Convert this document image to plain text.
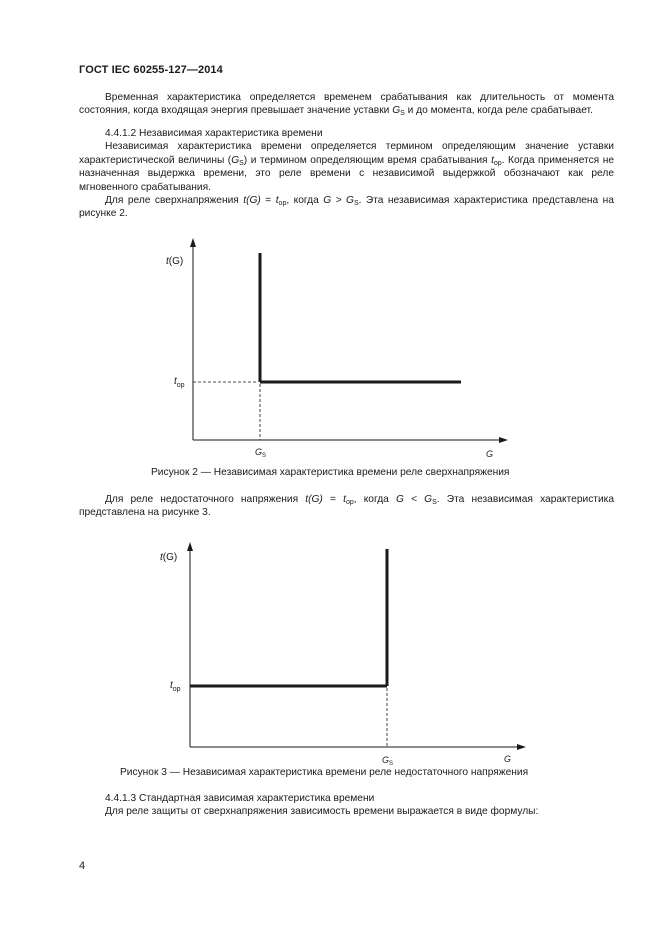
ГОСТ IEC 60255-127—2014

Временная характеристика определяется временем срабатывания как длительность от момента состояния, когда входящая энергия превышает значение уставки $G_S$ и до момента, когда реле срабатывает.

4.4.1.2 Независимая характеристика времени

Независимая характеристика времени определяется термином определяющим значение уставки характеристической величины $(G_S)$ и термином определяющим время срабатывания $t_{op}$. Когда применяется не назначенная выдержка времени, это реле времени с независимой выдержкой обозначают как реле мгновенного срабатывания.

Для реле сверхнапряжения $t(G) = t_{op}$, когда $G > G_S$. Эта независимая характеристика представлена на рисунке 2.

t(G)
$t_{op}$
$G_S$	G
Рисунок 2 — Независимая характеристика времени реле сверхнапряжения

Для реле недостаточного напряжения $t(G) = t_{op}$, когда $G < G_S$. Эта независимая характеристика представлена на рисунке 3.

t(G)
$t_{op}$
$G_S$	G
Рисунок 3 — Независимая характеристика времени реле недостаточного напряжения

4.4.1.3 Стандартная зависимая характеристика времени

Для реле защиты от сверхнапряжения зависимость времени выражается в виде формулы:

4
